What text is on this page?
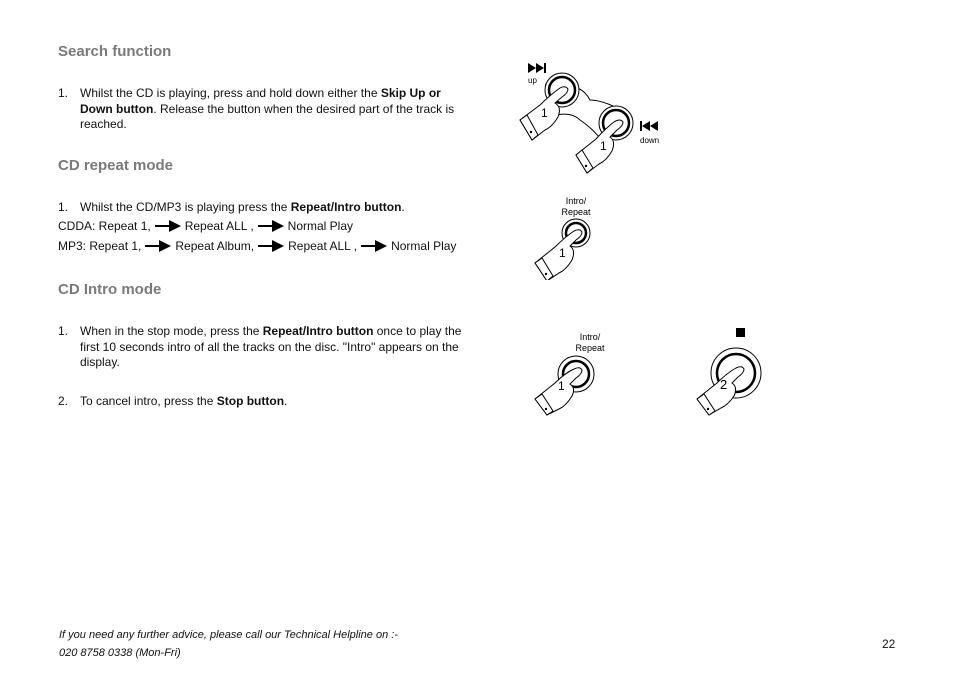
Search function
1. Whilst the CD is playing, press and hold down either the Skip Up or Down button. Release the button when the desired part of the track is reached.
CD repeat mode
1. Whilst the CD/MP3 is playing press the Repeat/Intro button.
CDDA: Repeat 1,	Repeat ALL ,	Normal Play
MP3: Repeat 1,	Repeat Album,	Repeat ALL ,	Normal Play
CD Intro mode
1. When in the stop mode, press the Repeat/Intro button once to play the first 10 seconds intro of all the tracks on the disc. "Intro" appears on the display.
2. To cancel intro, press the Stop button.
up
down
1
1
Intro/
Repeat
1
Intro/
Repeat
1	2
If you need any further advice, please call our Technical Helpline on :-
020 8758 0338 (Mon-Fri)
22
